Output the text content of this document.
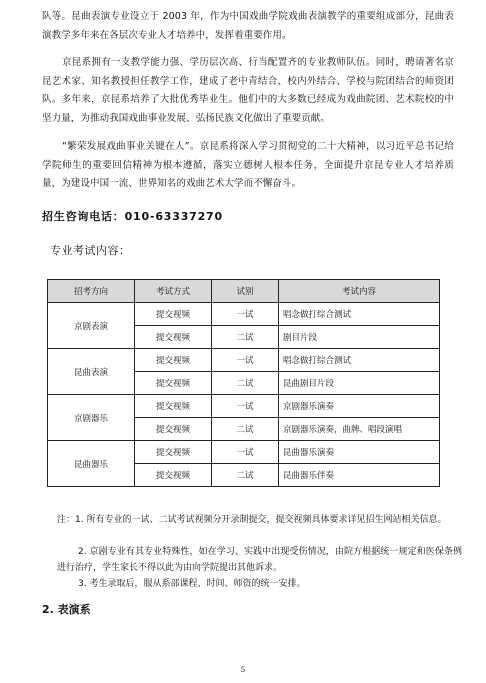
队等。昆曲表演专业设立于 2003 年，作为中国戏曲学院戏曲表演教学的重要组成部分，昆曲表演教学多年来在各层次专业人才培养中，发挥着重要作用。

京昆系拥有一支教学能力强、学历层次高、行当配置齐的专业教师队伍。同时，聘请著名京昆艺术家、知名教授担任教学工作，建成了老中青结合、校内外结合、学校与院团结合的师资团队。多年来，京昆系培养了大批优秀毕业生。他们中的大多数已经成为戏曲院团、艺术院校的中坚力量，为推动我国戏曲事业发展、弘扬民族文化做出了重要贡献。

“繁荣发展戏曲事业关键在人”。京昆系将深入学习贯彻党的二十大精神，以习近平总书记给学院师生的重要回信精神为根本遵循，落实立德树人根本任务，全面提升京昆专业人才培养质量，为建设中国一流、世界知名的戏曲艺术大学而不懈奋斗。

招生咨询电话：010-63337270
专业考试内容：
招考方向	考试方式	试别	考试内容
京剧表演	提交视频	一试	唱念做打综合测试
	提交视频	二试	剧目片段
昆曲表演	提交视频	一试	唱念做打综合测试
	提交视频	二试	昆曲剧目片段
京剧器乐	提交视频	一试	京剧器乐演奏
	提交视频	二试	京剧器乐演奏，曲牌、唱段演唱
昆曲器乐	提交视频	一试	昆曲器乐演奏
	提交视频	二试	昆曲器乐伴奏

注：1. 所有专业的一试、二试考试视频分开录制提交，提交视频具体要求详见招生网站相关信息。

2. 京剧专业有其专业特殊性，如在学习、实践中出现受伤情况，由院方根据统一规定和医保条例进行治疗，学生家长不得以此为由向学院提出其他诉求。

3. 考生录取后，服从系部课程、时间、师资的统一安排。

2. 表演系
5
